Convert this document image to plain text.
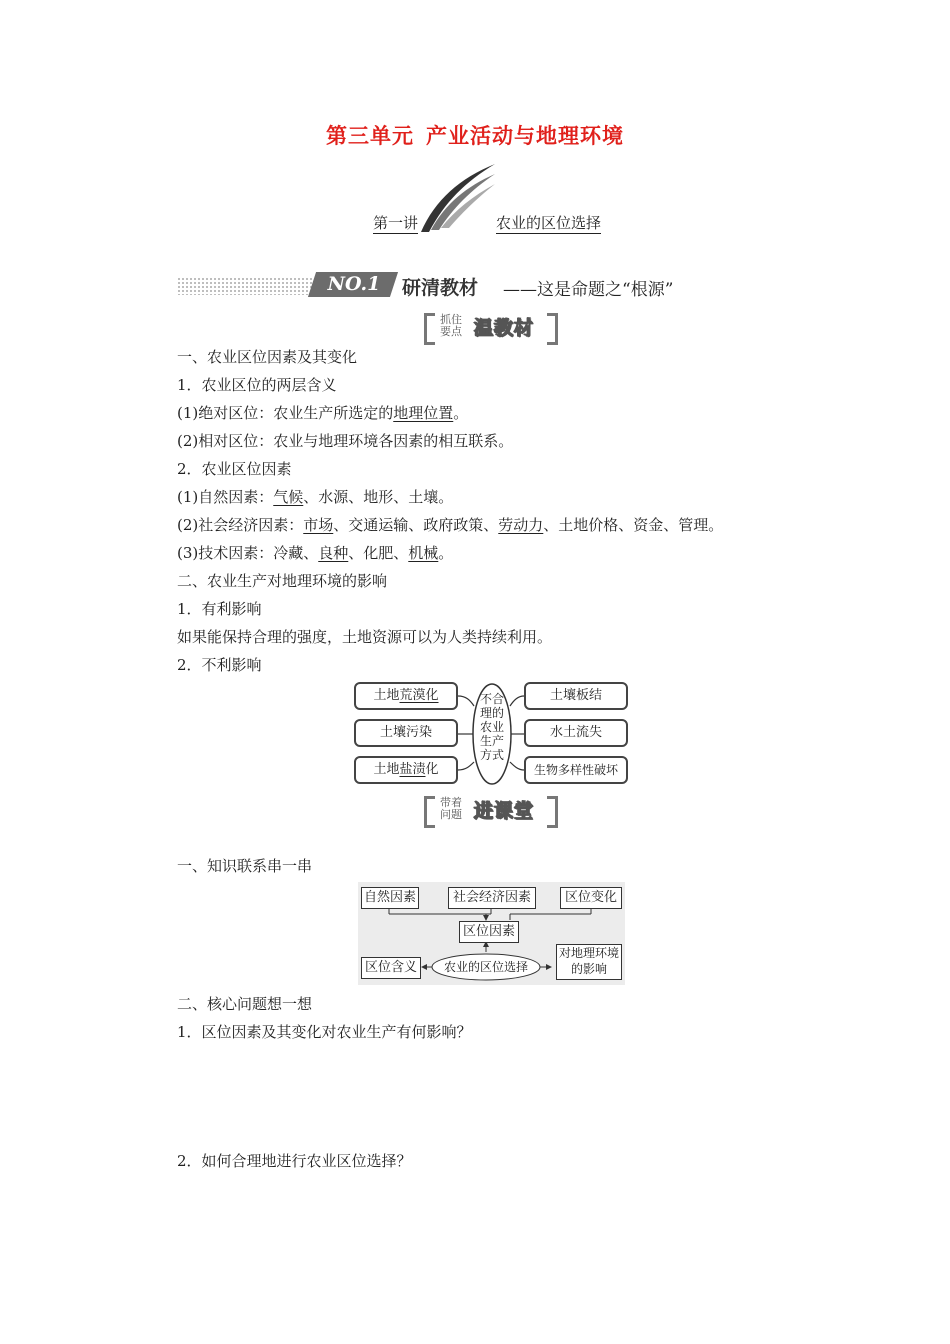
第三单元 产业活动与地理环境
第一讲	农业的区位选择
NO.1	研清教材 ——这是命题之“根源”
抓住
要点 温教材
一、农业区位因素及其变化
1．农业区位的两层含义
(1)绝对区位：农业生产所选定的地理位置。
(2)相对区位：农业与地理环境各因素的相互联系。
2．农业区位因素
(1)自然因素：气候、水源、地形、土壤。
(2)社会经济因素：市场、交通运输、政府政策、劳动力、土地价格、资金、管理。
(3)技术因素：冷藏、良种、化肥、机械。
二、农业生产对地理环境的影响
1．有利影响
如果能保持合理的强度，土地资源可以为人类持续利用。
2．不利影响
土地荒漠化
土壤污染
土地盐渍化
不合理的农业生产方式
土壤板结
水土流失
生物多样性破坏
带着
问题 进课堂
一、知识联系串一串
自然因素	社会经济因素	区位变化
区位因素
区位含义	农业的区位选择
对地理环境的影响
二、核心问题想一想
1．区位因素及其变化对农业生产有何影响？
2．如何合理地进行农业区位选择？
